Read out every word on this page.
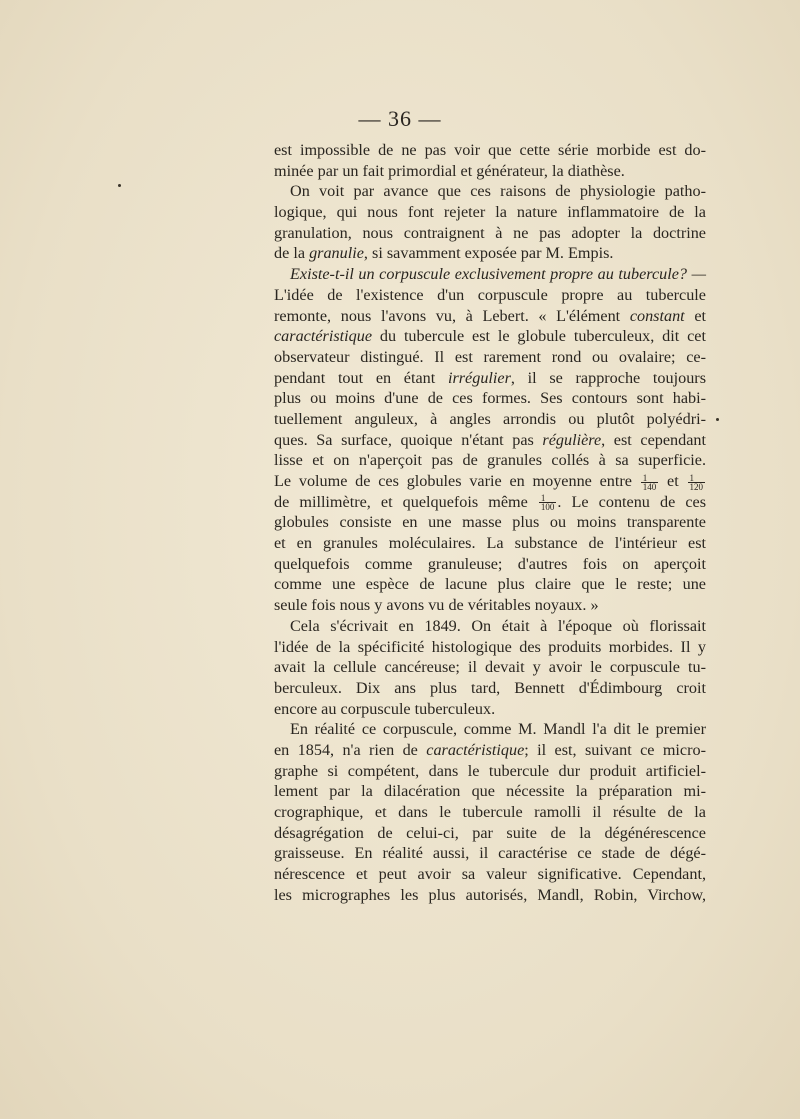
— 36 —
est impossible de ne pas voir que cette série morbide est do-
minée par un fait primordial et générateur, la diathèse.
On voit par avance que ces raisons de physiologie patho-
logique, qui nous font rejeter la nature inflammatoire de la
granulation, nous contraignent à ne pas adopter la doctrine
de la granulie, si savamment exposée par M. Empis.
Existe-t-il un corpuscule exclusivement propre au tubercule? —
L'idée de l'existence d'un corpuscule propre au tubercule
remonte, nous l'avons vu, à Lebert. « L'élément constant et
caractéristique du tubercule est le globule tuberculeux, dit cet
observateur distingué. Il est rarement rond ou ovalaire; ce-
pendant tout en étant irrégulier, il se rapproche toujours
plus ou moins d'une de ces formes. Ses contours sont habi-
tuellement anguleux, à angles arrondis ou plutôt polyédri-
ques. Sa surface, quoique n'étant pas régulière, est cependant
lisse et on n'aperçoit pas de granules collés à sa superficie.
Le volume de ces globules varie en moyenne entre $\frac{1}{140}$ et $\frac{1}{120}$
de millimètre, et quelquefois même $\frac{1}{100}$ . Le contenu de ces
globules consiste en une masse plus ou moins transparente
et en granules moléculaires. La substance de l'intérieur est
quelquefois comme granuleuse; d'autres fois on aperçoit
comme une espèce de lacune plus claire que le reste; une
seule fois nous y avons vu de véritables noyaux. »
Cela s'écrivait en 1849. On était à l'époque où florissait
l'idée de la spécificité histologique des produits morbides. Il y
avait la cellule cancéreuse; il devait y avoir le corpuscule tu-
berculeux. Dix ans plus tard, Bennett d'Édimbourg croit
encore au corpuscule tuberculeux.
En réalité ce corpuscule, comme M. Mandl l'a dit le premier
en 1854, n'a rien de caractéristique; il est, suivant ce micro-
graphe si compétent, dans le tubercule dur produit artificiel-
lement par la dilacération que nécessite la préparation mi-
crographique, et dans le tubercule ramolli il résulte de la
désagrégation de celui-ci, par suite de la dégénérescence
graisseuse. En réalité aussi, il caractérise ce stade de dégé-
nérescence et peut avoir sa valeur significative. Cependant,
les micrographes les plus autorisés, Mandl, Robin, Virchow,
